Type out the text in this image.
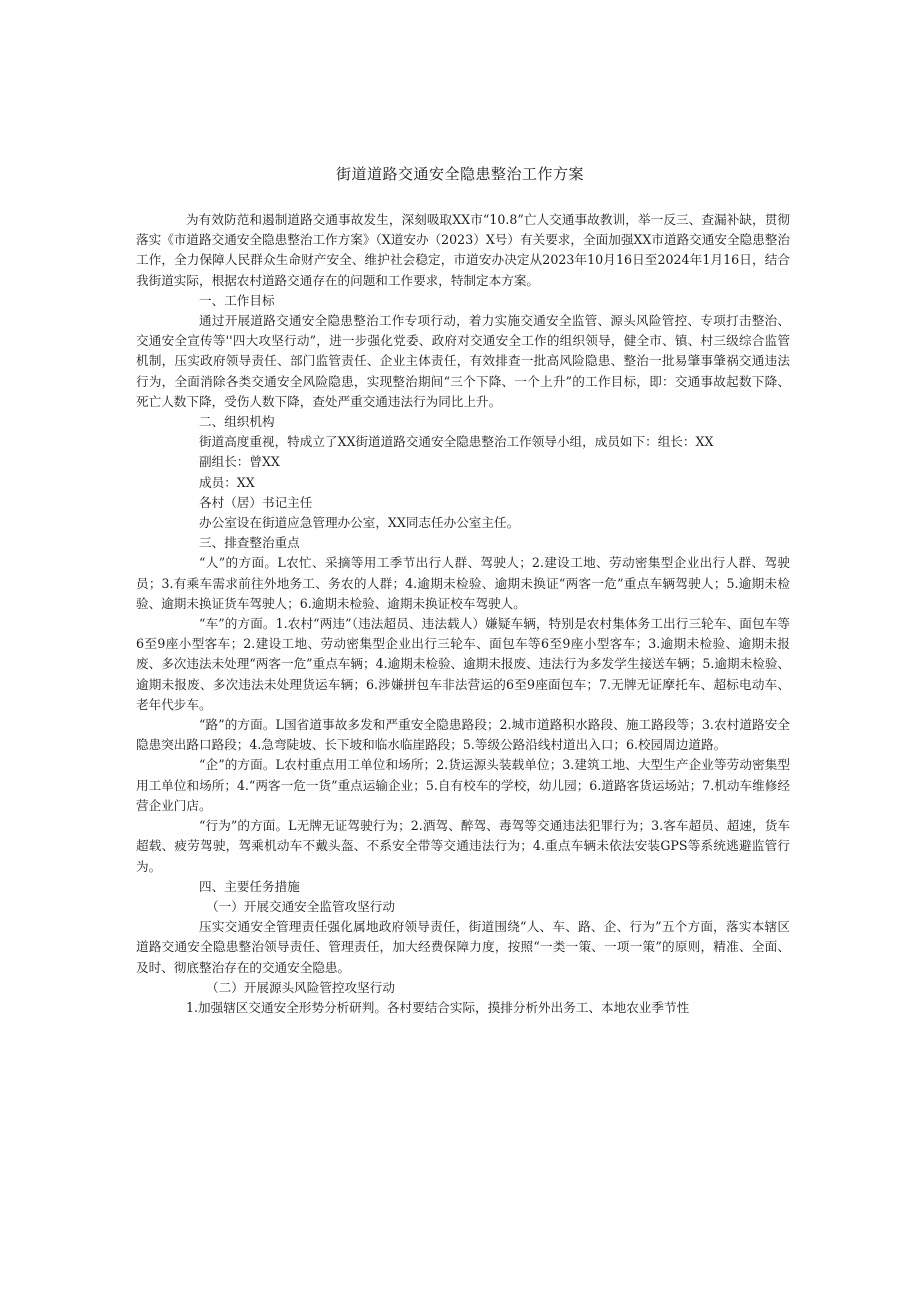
街道道路交通安全隐患整治工作方案

为有效防范和遏制道路交通事故发生，深刻吸取XX市“10.8”亡人交通事故教训，举一反三、查漏补缺，贯彻落实《市道路交通安全隐患整治工作方案》（X道安办（2023）X号）有关要求，全面加强XX市道路交通安全隐患整治工作，全力保障人民群众生命财产安全、维护社会稳定，市道安办决定从2023年10月16日至2024年1月16日，结合我街道实际，根据农村道路交通存在的问题和工作要求，特制定本方案。

一、工作目标

通过开展道路交通安全隐患整治工作专项行动，着力实施交通安全监管、源头风险管控、专项打击整治、交通安全宣传等''四大攻坚行动”，进一步强化党委、政府对交通安全工作的组织领导，健全市、镇、村三级综合监管机制，压实政府领导责任、部门监管责任、企业主体责任，有效排查一批高风险隐患、整治一批易肇事肇祸交通违法行为，全面消除各类交通安全风险隐患，实现整治期间“三个下降、一个上升”的工作目标，即：交通事故起数下降、死亡人数下降，受伤人数下降，查处严重交通违法行为同比上升。

二、组织机构

街道高度重视，特成立了XX街道道路交通安全隐患整治工作领导小组，成员如下：组长：XX

副组长：曾XX

成员：XX

各村（居）书记主任

办公室设在街道应急管理办公室，XX同志任办公室主任。

三、排查整治重点

“人”的方面。L农忙、采摘等用工季节出行人群、驾驶人；2.建设工地、劳动密集型企业出行人群、驾驶员；3.有乘车需求前往外地务工、务农的人群；4.逾期未检验、逾期未换证“两客一危”重点车辆驾驶人；5.逾期未检验、逾期未换证货车驾驶人；6.逾期未检验、逾期未换证校车驾驶人。

“车”的方面。1.农村“两违”（违法超员、违法载人）嫌疑车辆，特别是农村集体务工出行三轮车、面包车等6至9座小型客车；2.建设工地、劳动密集型企业出行三轮车、面包车等6至9座小型客车；3.逾期未检验、逾期未报废、多次违法未处理“两客一危”重点车辆；4.逾期未检验、逾期未报废、违法行为多发学生接送车辆；5.逾期未检验、逾期未报废、多次违法未处理货运车辆；6.涉嫌拼包车非法营运的6至9座面包车；7.无牌无证摩托车、超标电动车、老年代步车。

“路”的方面。L国省道事故多发和严重安全隐患路段；2.城市道路积水路段、施工路段等；3.农村道路安全隐患突出路口路段；4.急弯陡坡、长下坡和临水临崖路段；5.等级公路沿线村道出入口；6.校园周边道路。

“企”的方面。L农村重点用工单位和场所；2.货运源头装载单位；3.建筑工地、大型生产企业等劳动密集型用工单位和场所；4.“两客一危一货”重点运输企业；5.自有校车的学校，幼儿园；6.道路客货运场站；7.机动车维修经营企业门店。

“行为”的方面。L无牌无证驾驶行为；2.酒驾、醉驾、毒驾等交通违法犯罪行为；3.客车超员、超速，货车超载、疲劳驾驶，驾乘机动车不戴头盔、不系安全带等交通违法行为；4.重点车辆未依法安装GPS等系统逃避监管行为。

四、主要任务措施

（一）开展交通安全监管攻坚行动

压实交通安全管理责任强化属地政府领导责任，街道围绕“人、车、路、企、行为”五个方面，落实本辖区道路交通安全隐患整治领导责任、管理责任，加大经费保障力度，按照“一类一策、一项一策”的原则，精准、全面、及时、彻底整治存在的交通安全隐患。

（二）开展源头风险管控攻坚行动

1.加强辖区交通安全形势分析研判。各村要结合实际，摸排分析外出务工、本地农业季节性
